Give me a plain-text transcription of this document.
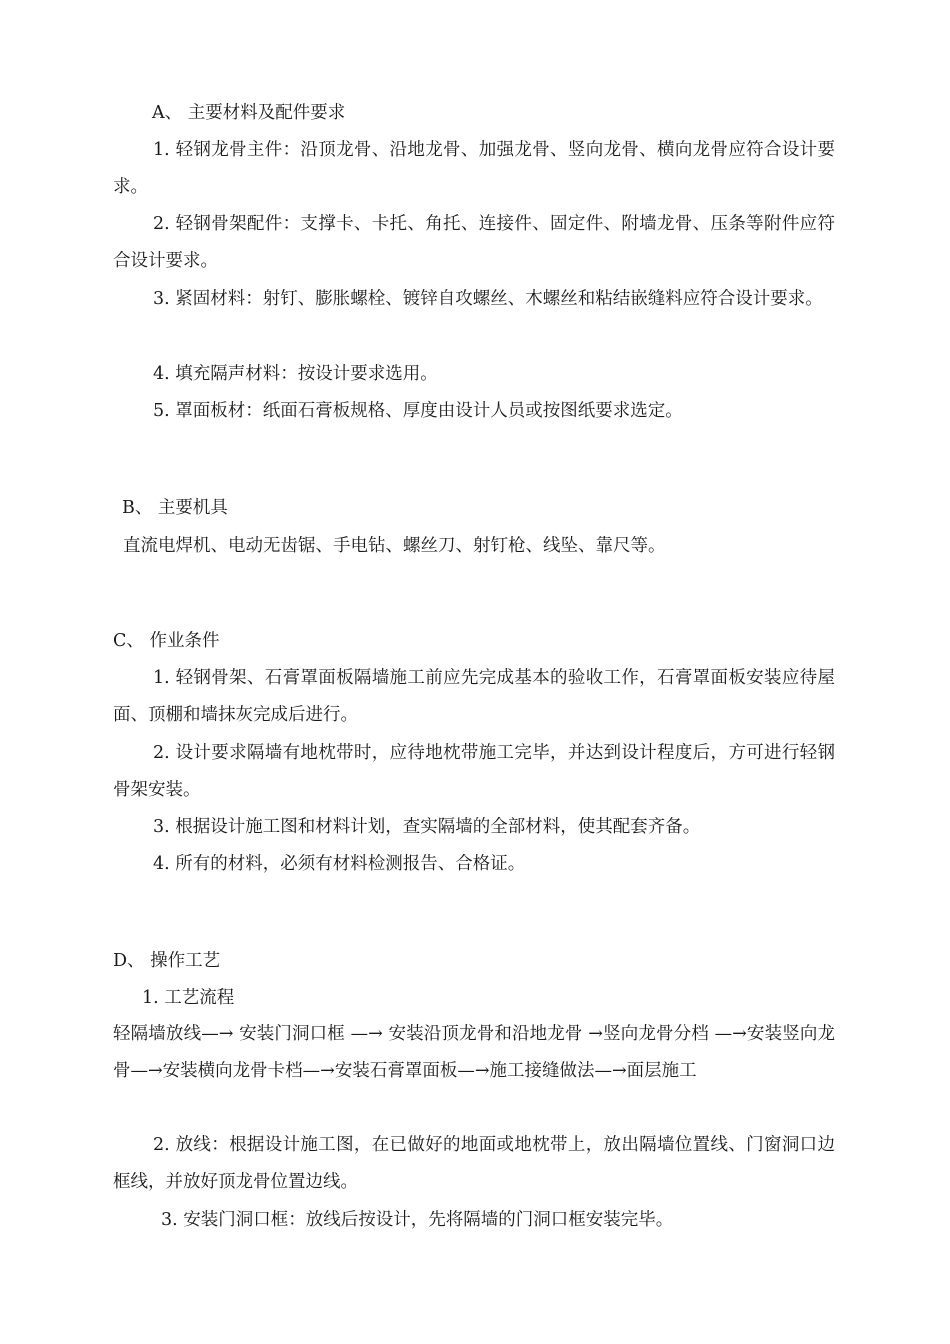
A、 主要材料及配件要求
1. 轻钢龙骨主件：沿顶龙骨、沿地龙骨、加强龙骨、竖向龙骨、横向龙骨应符合设计要求。
2. 轻钢骨架配件：支撑卡、卡托、角托、连接件、固定件、附墙龙骨、压条等附件应符合设计要求。
3. 紧固材料：射钉、膨胀螺栓、镀锌自攻螺丝、木螺丝和粘结嵌缝料应符合设计要求。
4. 填充隔声材料：按设计要求选用。
5. 罩面板材：纸面石膏板规格、厚度由设计人员或按图纸要求选定。
B、 主要机具
直流电焊机、电动无齿锯、手电钻、螺丝刀、射钉枪、线坠、靠尺等。
C、 作业条件
1. 轻钢骨架、石膏罩面板隔墙施工前应先完成基本的验收工作，石膏罩面板安装应待屋面、顶棚和墙抹灰完成后进行。
2. 设计要求隔墙有地枕带时，应待地枕带施工完毕，并达到设计程度后，方可进行轻钢骨架安装。
3. 根据设计施工图和材料计划，查实隔墙的全部材料，使其配套齐备。
4. 所有的材料，必须有材料检测报告、合格证。
D、 操作工艺
1. 工艺流程
轻隔墙放线—→ 安装门洞口框 —→ 安装沿顶龙骨和沿地龙骨 →竖向龙骨分档 —→安装竖向龙骨—→安装横向龙骨卡档—→安装石膏罩面板—→施工接缝做法—→面层施工
2. 放线：根据设计施工图，在已做好的地面或地枕带上，放出隔墙位置线、门窗洞口边框线，并放好顶龙骨位置边线。
3. 安装门洞口框：放线后按设计，先将隔墙的门洞口框安装完毕。
